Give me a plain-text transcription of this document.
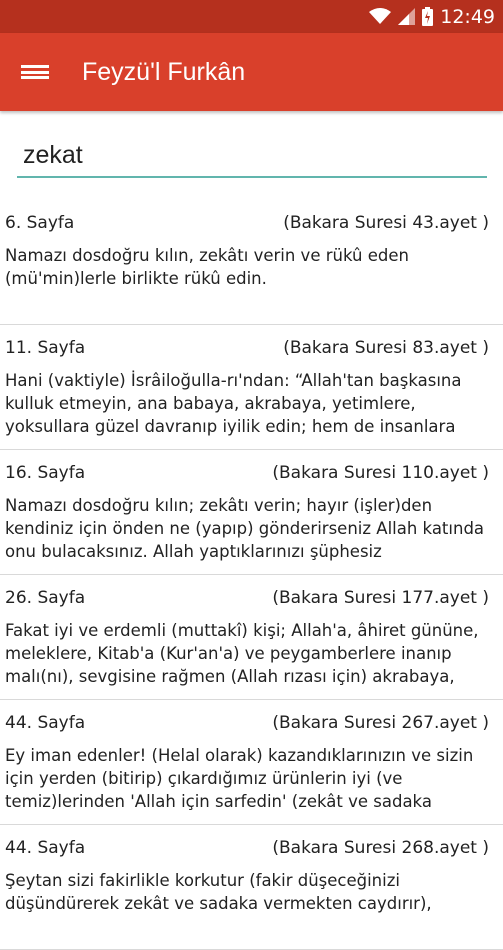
12:49
Feyzü'l Furkân
zekat
6. Sayfa	(Bakara Suresi 43.ayet )
Namazı dosdoğru kılın, zekâtı verin ve rükû eden (mü'min)lerle birlikte rükû edin.
11. Sayfa	(Bakara Suresi 83.ayet )
Hani (vaktiyle) İsrâiloğulla-rı'ndan: “Allah'tan başkasına kulluk etmeyin, ana babaya, akrabaya, yetimlere, yoksullara güzel davranıp iyilik edin; hem de insanlara
16. Sayfa	(Bakara Suresi 110.ayet )
Namazı dosdoğru kılın; zekâtı verin; hayır (işler)den kendiniz için önden ne (yapıp) gönderirseniz Allah katında onu bulacaksınız. Allah yaptıklarınızı şüphesiz
26. Sayfa	(Bakara Suresi 177.ayet )
Fakat iyi ve erdemli (muttakî) kişi; Allah'a, âhiret gününe, meleklere, Kitab'a (Kur'an'a) ve peygamberlere inanıp malı(nı), sevgisine rağmen (Allah rızası için) akrabaya,
44. Sayfa	(Bakara Suresi 267.ayet )
Ey iman edenler! (Helal olarak) kazandıklarınızın ve sizin için yerden (bitirip) çıkardığımız ürünlerin iyi (ve temiz)lerinden 'Allah için sarfedin' (zekât ve sadaka
44. Sayfa	(Bakara Suresi 268.ayet )
Şeytan sizi fakirlikle korkutur (fakir düşeceğinizi düşündürerek zekât ve sadaka vermekten caydırır),
